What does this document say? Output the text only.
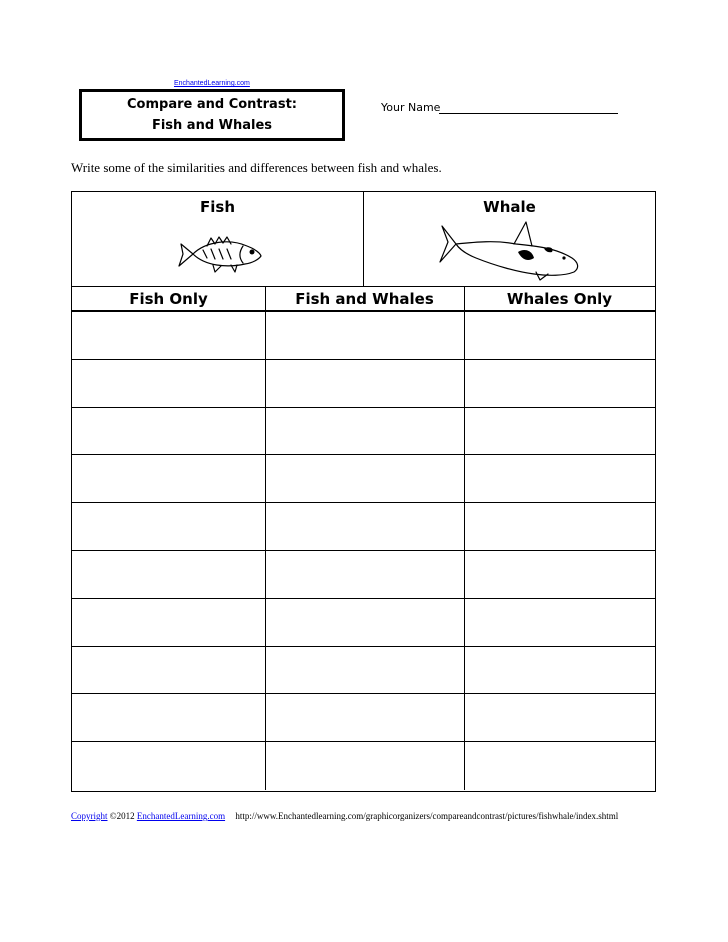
EnchantedLearning.com
Compare and Contrast:
Fish and Whales
Your Name
Write some of the similarities and differences between fish and whales.
Fish	Whale
Fish Only	Fish and Whales	Whales Only
Copyright ©2012 EnchantedLearning.com http://www.Enchantedlearning.com/graphicorganizers/compareandcontrast/pictures/fishwhale/index.shtml
